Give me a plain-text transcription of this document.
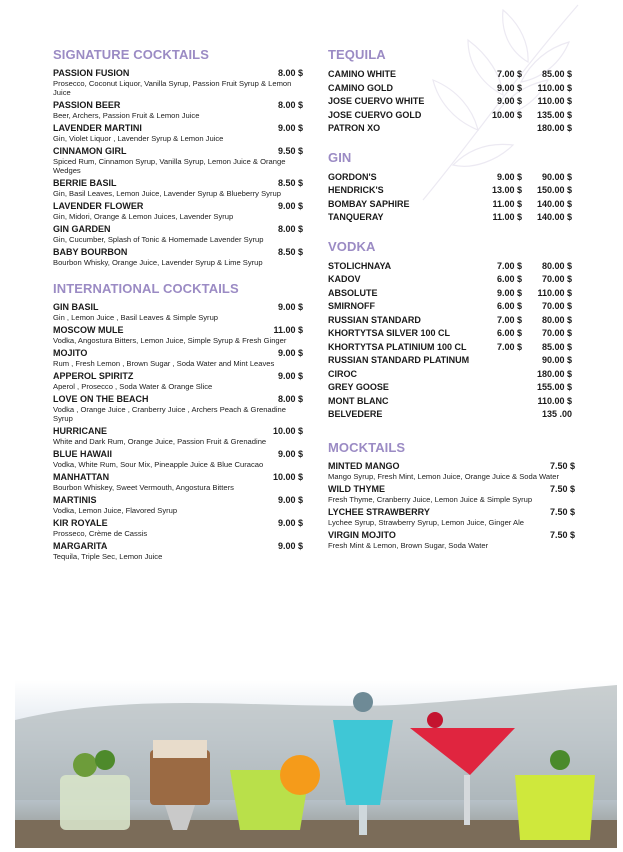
SIGNATURE COCKTAILS
PASSION FUSION	8.00 $
Prosecco, Coconut Liquor, Vanilla Syrup, Passion Fruit Syrup & Lemon Juice
PASSION BEER	8.00 $
Beer, Archers, Passion Fruit & Lemon Juice
LAVENDER MARTINI	9.00 $
Gin, Violet Liquor , Lavender Syrup & Lemon Juice
CINNAMON GIRL	9.50 $
Spiced Rum, Cinnamon Syrup, Vanilla Syrup, Lemon Juice & Orange Wedges
BERRIE BASIL	8.50 $
Gin, Basil Leaves, Lemon Juice, Lavender Syrup & Blueberry Syrup
LAVENDER FLOWER	9.00 $
Gin, Midori, Orange & Lemon Juices, Lavender Syrup
GIN GARDEN	8.00 $
Gin, Cucumber, Splash of Tonic & Homemade Lavender Syrup
BABY BOURBON	8.50 $
Bourbon Whisky, Orange Juice, Lavender Syrup & Lime Syrup
INTERNATIONAL COCKTAILS
GIN BASIL	9.00 $
Gin , Lemon Juice , Basil Leaves & Simple Syrup
MOSCOW MULE	11.00 $
Vodka, Angostura Bitters, Lemon Juice, Simple Syrup & Fresh Ginger
MOJITO	9.00 $
Rum , Fresh Lemon , Brown Sugar , Soda Water and Mint Leaves
APPEROL SPIRITZ	9.00 $
Aperol , Prosecco , Soda Water & Orange Slice
LOVE ON THE BEACH	8.00 $
Vodka , Orange Juice , Cranberry Juice , Archers Peach & Grenadine Syrup
HURRICANE	10.00 $
White and Dark Rum, Orange Juice, Passion Fruit & Grenadine
BLUE HAWAII	9.00 $
Vodka, White Rum, Sour Mix, Pineapple Juice & Blue Curacao
MANHATTAN	10.00 $
Bourbon Whiskey, Sweet Vermouth, Angostura Bitters
MARTINIS	9.00 $
Vodka, Lemon Juice, Flavored Syrup
KIR ROYALE	9.00 $
Prosseco, Crème de Cassis
MARGARITA	9.00 $
Tequila, Triple Sec, Lemon Juice
TEQUILA
CAMINO WHITE	7.00 $ 85.00 $
CAMINO GOLD	9.00 $ 110.00 $
JOSE CUERVO WHITE	9.00 $ 110.00 $
JOSE CUERVO GOLD	10.00 $ 135.00 $
PATRON XO	180.00 $
GIN
GORDON'S	9.00 $ 90.00 $
HENDRICK'S	13.00 $ 150.00 $
BOMBAY SAPHIRE	11.00 $ 140.00 $
TANQUERAY	11.00 $ 140.00 $
VODKA
STOLICHNAYA	7.00 $ 80.00 $
KADOV	6.00 $ 70.00 $
ABSOLUTE	9.00 $ 110.00 $
SMIRNOFF	6.00 $ 70.00 $
RUSSIAN STANDARD	7.00 $ 80.00 $
KHORTYTSA SILVER 100 CL	6.00 $ 70.00 $
KHORTYTSA PLATINIUM 100 CL	7.00 $ 85.00 $
RUSSIAN STANDARD PLATINUM	90.00 $
CIROC	180.00 $
GREY GOOSE	155.00 $
MONT BLANC	110.00 $
BELVEDERE	135 .00
MOCKTAILS
MINTED MANGO	7.50 $
Mango Syrup, Fresh Mint, Lemon Juice, Orange Juice & Soda Water
WILD THYME	7.50 $
Fresh Thyme, Cranberry Juice, Lemon Juice & Simple Syrup
LYCHEE STRAWBERRY	7.50 $
Lychee Syrup, Strawberry Syrup, Lemon Juice, Ginger Ale
VIRGIN MOJITO	7.50 $
Fresh Mint & Lemon, Brown Sugar, Soda Water
